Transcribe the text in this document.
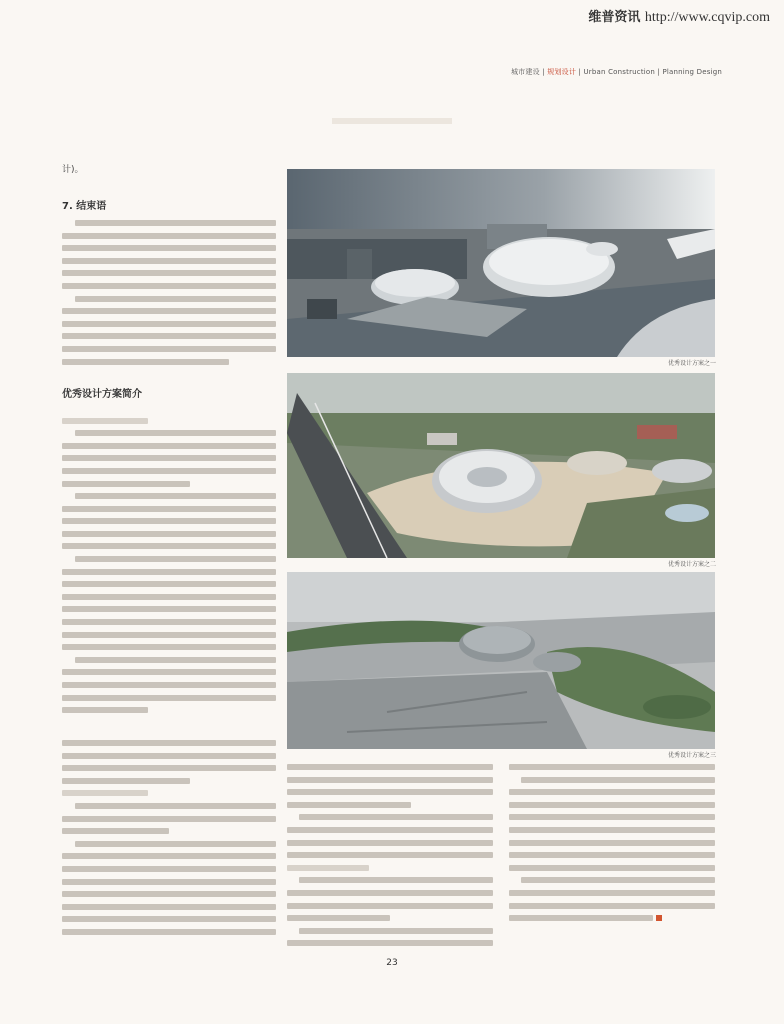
维普资讯 http://www.cqvip.com
城市建设 | 规划设计 | Urban Construction | Planning Design
计)。
7. 结束语
优秀设计方案简介
优秀设计方案之一
优秀设计方案之二
优秀设计方案之三
23
